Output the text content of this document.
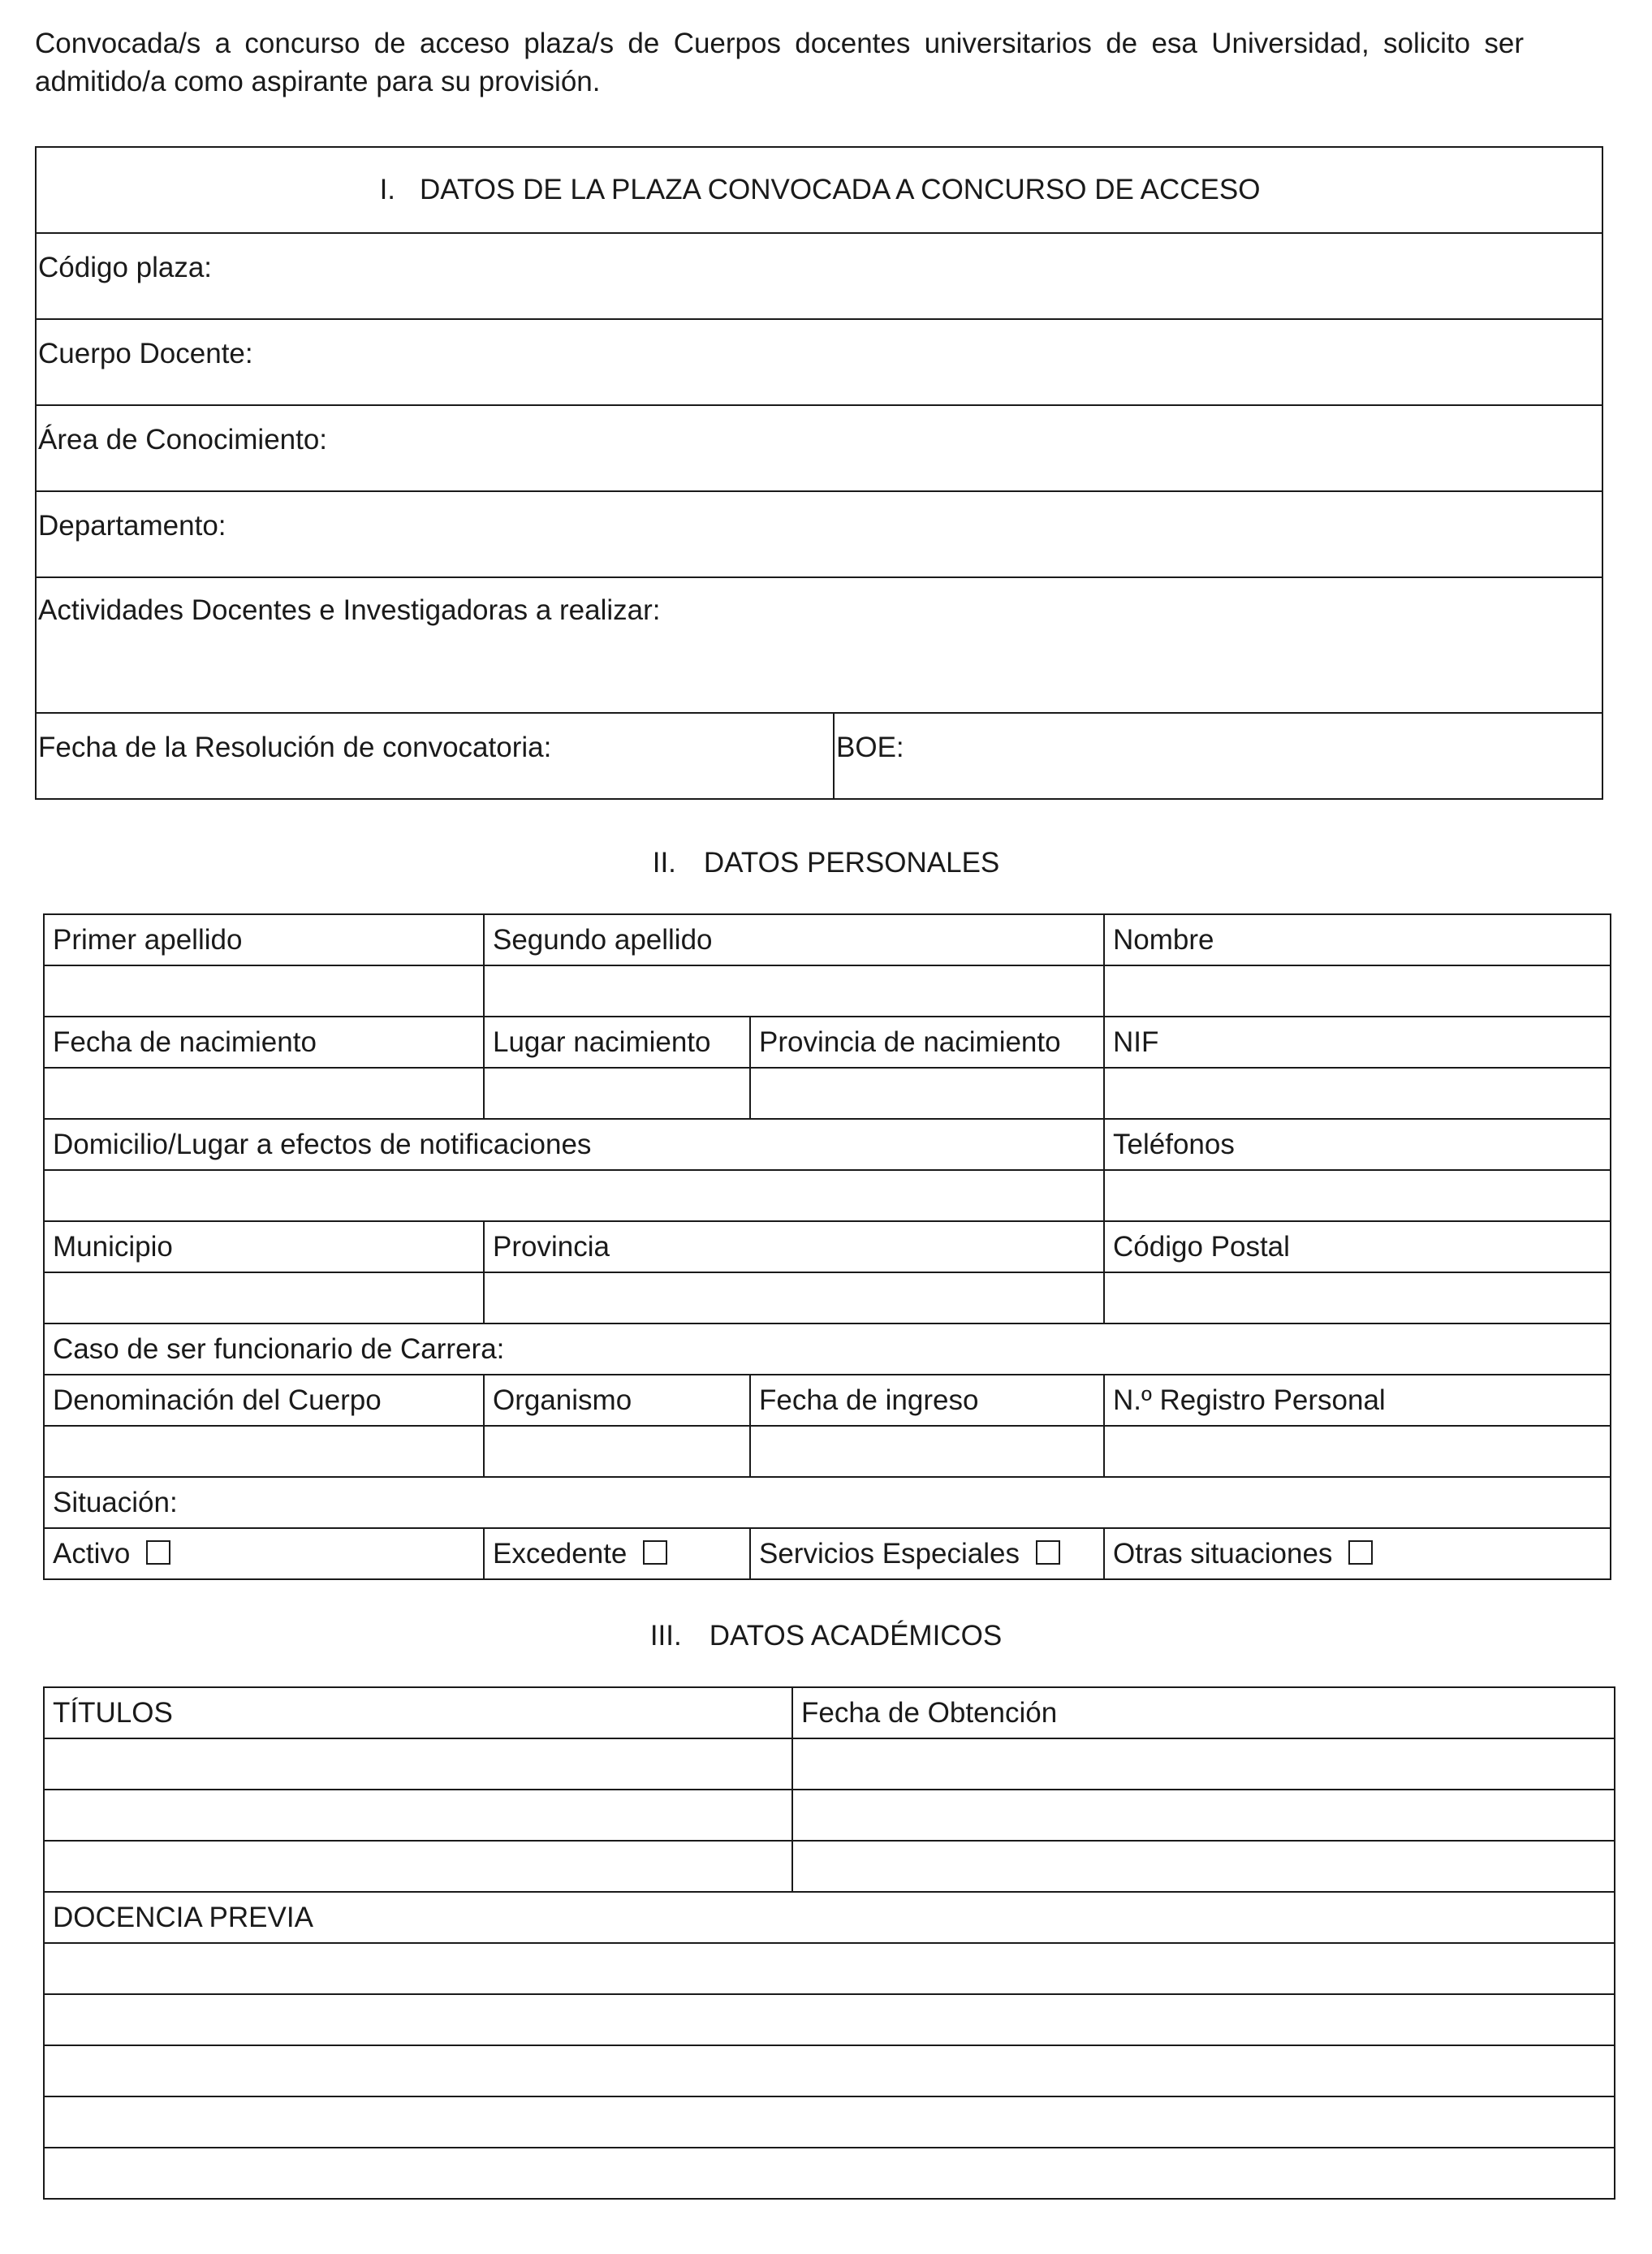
Convocada/s a concurso de acceso plaza/s de Cuerpos docentes universitarios de esa Universidad, solicito ser admitido/a como aspirante para su provisión.

I. DATOS DE LA PLAZA CONVOCADA A CONCURSO DE ACCESO
Código plaza:
Cuerpo Docente:
Área de Conocimiento:
Departamento:

Actividades Docentes e Investigadoras a realizar:

Fecha de la Resolución de convocatoria:	BOE:
II. DATOS PERSONALES
Primer apellido	Segundo apellido		Nombre

Fecha de nacimiento	Lugar nacimiento	Provincia de nacimiento	NIF

Domicilio/Lugar a efectos de notificaciones			Teléfonos

Municipio	Provincia		Código Postal

Caso de ser funcionario de Carrera:			
Denominación del Cuerpo	Organismo	Fecha de ingreso	N.º Registro Personal

Situación:			
Activo	Excedente	Servicios Especiales	Otras situaciones
III. DATOS ACADÉMICOS
TÍTULOS	Fecha de Obtención

DOCENCIA PREVIA	
